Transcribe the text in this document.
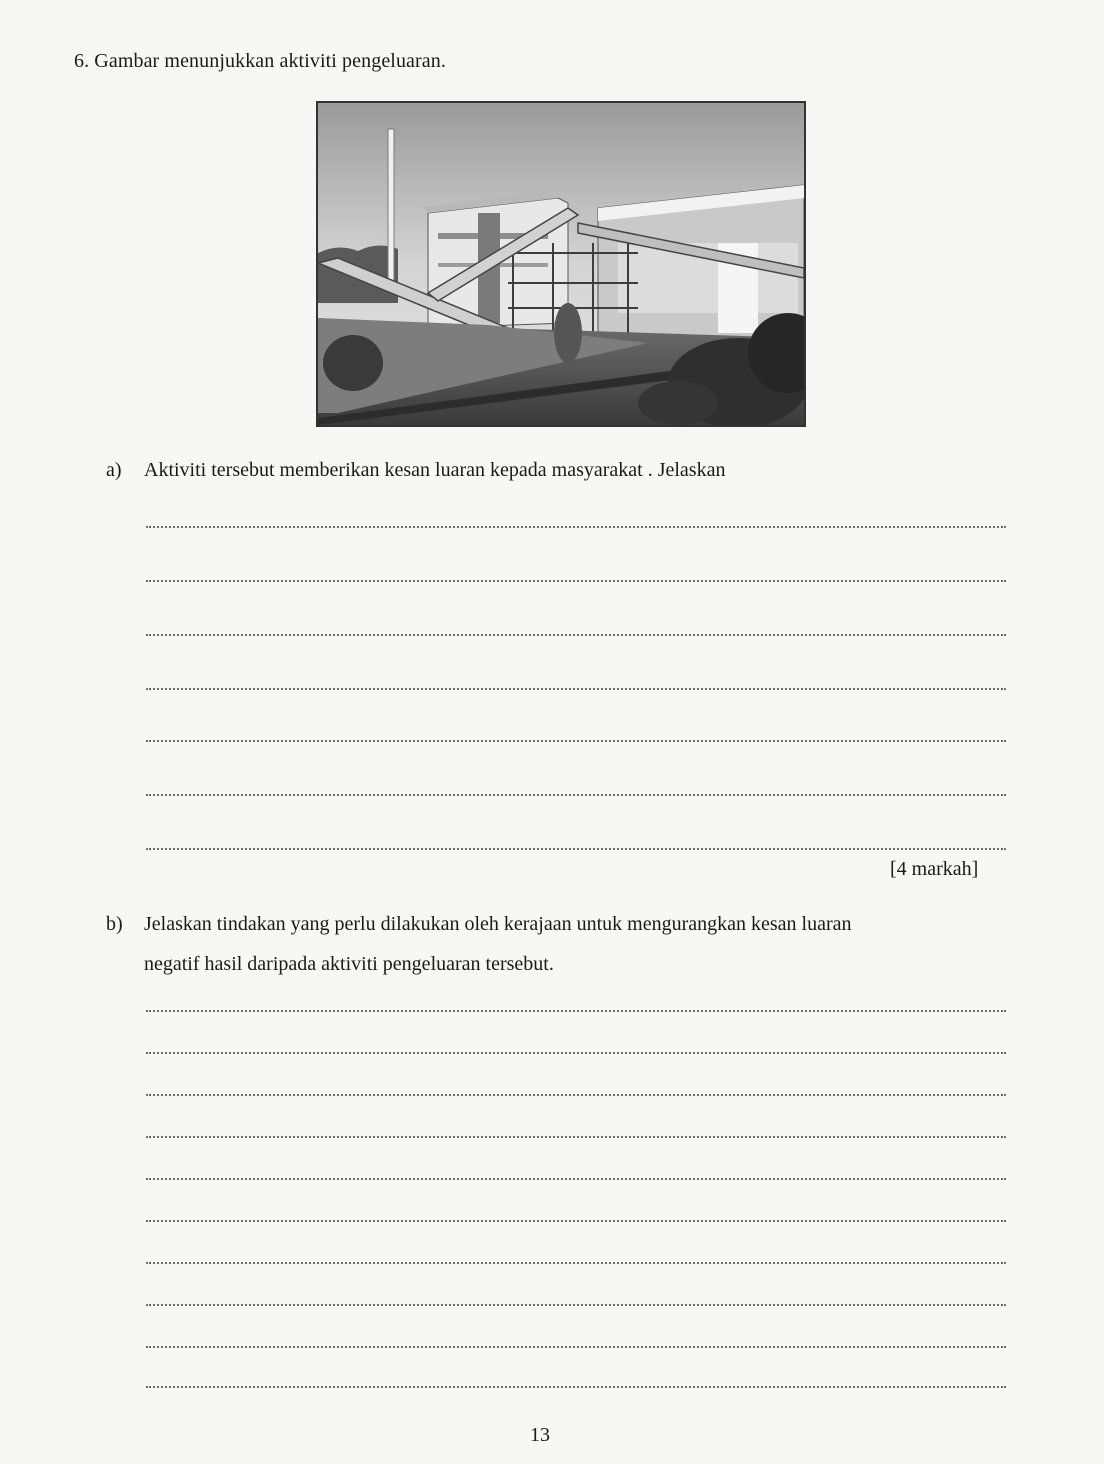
6. Gambar menunjukkan aktiviti pengeluaran.
a) Aktiviti tersebut memberikan kesan luaran kepada masyarakat . Jelaskan
[4 markah]
b) Jelaskan tindakan yang perlu dilakukan oleh kerajaan untuk mengurangkan kesan luaran
negatif hasil daripada aktiviti pengeluaran tersebut.
13
